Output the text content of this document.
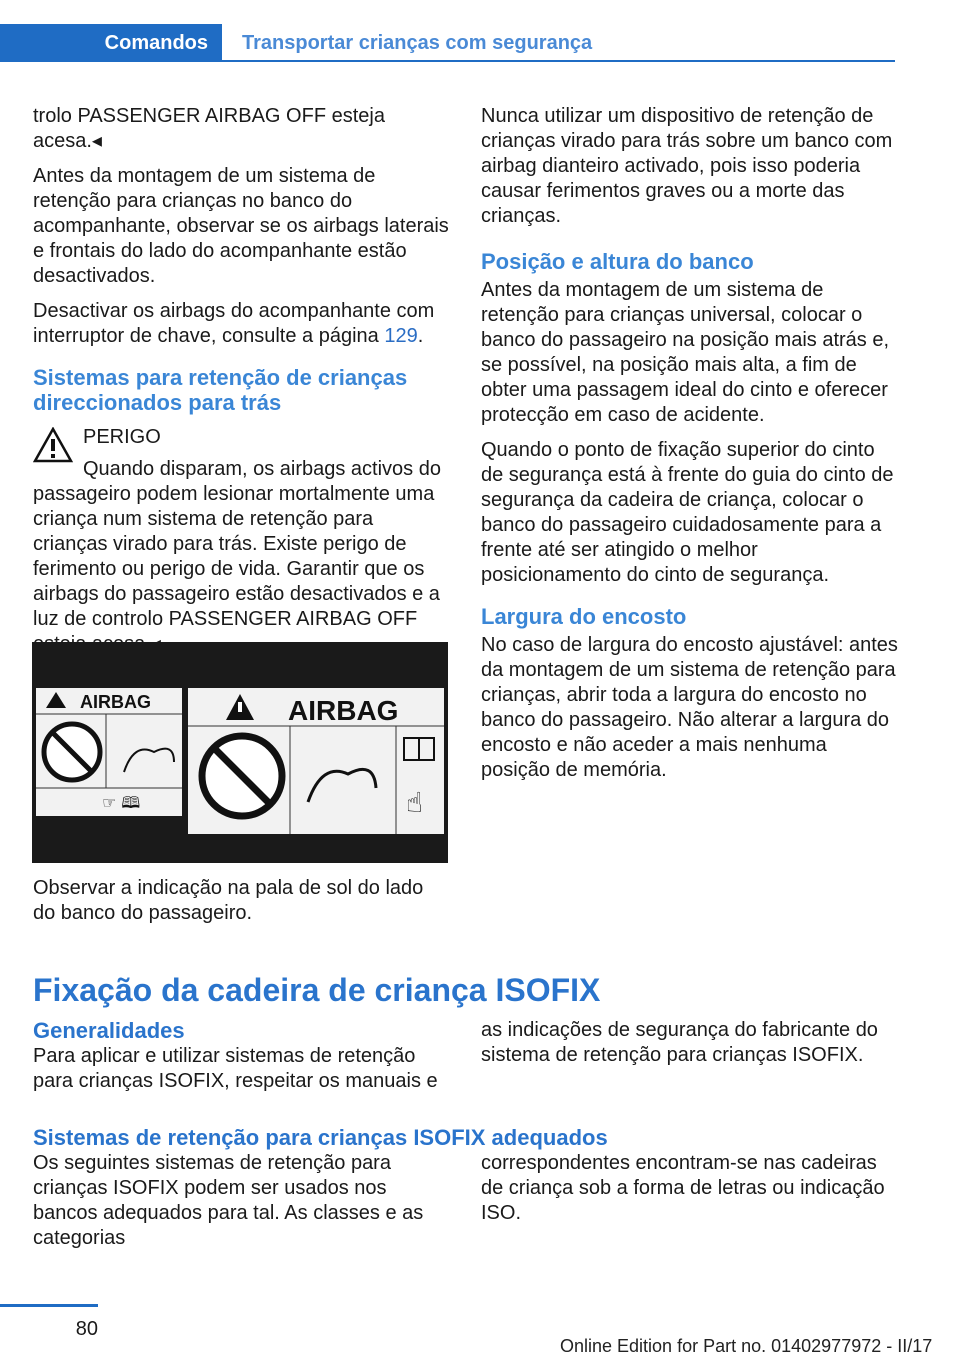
Comandos	Transportar crianças com segurança

trolo PASSENGER AIRBAG OFF esteja acesa.◂

Antes da montagem de um sistema de retenção para crianças no banco do acompanhante, observar se os airbags laterais e frontais do lado do acompanhante estão desactivados.

Desactivar os airbags do acompanhante com interruptor de chave, consulte a página 129.

Sistemas para retenção de crianças direccionados para trás
PERIGO
Quando disparam, os airbags activos do
passageiro podem lesionar mortalmente uma criança num sistema de retenção para crianças virado para trás. Existe perigo de ferimento ou perigo de vida. Garantir que os airbags do passageiro estão desactivados e a luz de controlo PASSENGER AIRBAG OFF
AIRBAG
☞ 🕮
AIRBAG
☝
Observar a indicação na pala de sol do lado do banco do passageiro.

Nunca utilizar um dispositivo de retenção de crianças virado para trás sobre um banco com airbag dianteiro activado, pois isso poderia causar ferimentos graves ou a morte das crianças.

Posição e altura do banco

Antes da montagem de um sistema de retenção para crianças universal, colocar o banco do passageiro na posição mais atrás e, se possível, na posição mais alta, a fim de obter uma passagem ideal do cinto e oferecer protecção em caso de acidente.

Quando o ponto de fixação superior do cinto de segurança está à frente do guia do cinto de segurança da cadeira de criança, colocar o banco do passageiro cuidadosamente para a frente até ser atingido o melhor posicionamento do cinto de segurança.

Largura do encosto

No caso de largura do encosto ajustável: antes da montagem de um sistema de retenção para crianças, abrir toda a largura do encosto no banco do passageiro. Não alterar a largura do encosto e não aceder a mais nenhuma posição de memória.

Fixação da cadeira de criança ISOFIX
Generalidades
Para aplicar e utilizar sistemas de retenção para crianças ISOFIX, respeitar os manuais e
as indicações de segurança do fabricante do sistema de retenção para crianças ISOFIX.
Sistemas de retenção para crianças ISOFIX adequados
Os seguintes sistemas de retenção para crianças ISOFIX podem ser usados nos bancos adequados para tal. As classes e as categorias
correspondentes encontram-se nas cadeiras de criança sob a forma de letras ou indicação ISO.
80
Online Edition for Part no. 01402977972 - II/17
